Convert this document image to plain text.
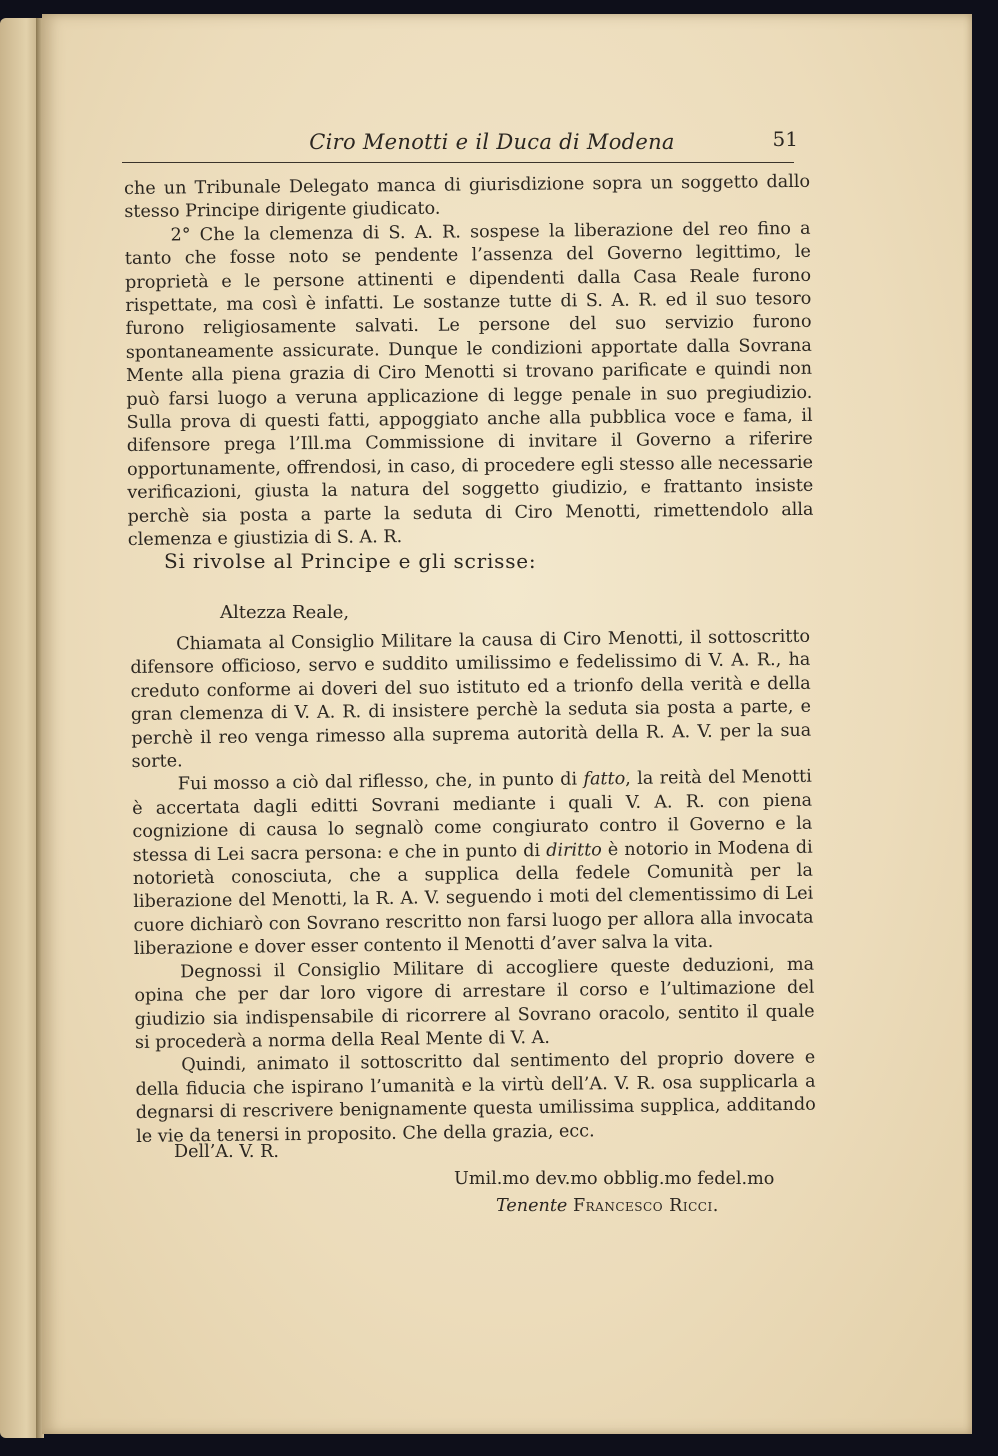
Ciro Menotti e il Duca di Modena	51

che un Tribunale Delegato manca di giurisdizione sopra un soggetto dallo stesso Principe dirigente giudicato.

2° Che la clemenza di S. A. R. sospese la liberazione del reo fino a tanto che fosse noto se pendente l’assenza del Governo legittimo, le proprietà e le persone attinenti e dipendenti dalla Casa Reale furono rispettate, ma così è infatti. Le sostanze tutte di S. A. R. ed il suo tesoro furono religiosamente salvati. Le persone del suo servizio furono spontaneamente assicurate. Dunque le condizioni apportate dalla Sovrana Mente alla piena grazia di Ciro Menotti si trovano parificate e quindi non può farsi luogo a veruna applicazione di legge penale in suo pregiudizio. Sulla prova di questi fatti, appoggiato anche alla pubblica voce e fama, il difensore prega l’Ill.ma Commissione di invitare il Governo a riferire opportunamente, offrendosi, in caso, di procedere egli stesso alle necessarie verificazioni, giusta la natura del soggetto giudizio, e frattanto insiste perchè sia posta a parte la seduta di Ciro Menotti, rimettendolo alla clemenza e giustizia di S. A. R.

Si rivolse al Principe e gli scrisse:
Altezza Reale,

Chiamata al Consiglio Militare la causa di Ciro Menotti, il sottoscritto difensore officioso, servo e suddito umilissimo e fedelissimo di V. A. R., ha creduto conforme ai doveri del suo istituto ed a trionfo della verità e della gran clemenza di V. A. R. di insistere perchè la seduta sia posta a parte, e perchè il reo venga rimesso alla suprema autorità della R. A. V. per la sua sorte.

Fui mosso a ciò dal riflesso, che, in punto di fatto, la reità del Menotti è accertata dagli editti Sovrani mediante i quali V. A. R. con piena cognizione di causa lo segnalò come congiurato contro il Governo e la stessa di Lei sacra persona: e che in punto di diritto è notorio in Modena di notorietà conosciuta, che a supplica della fedele Comunità per la liberazione del Menotti, la R. A. V. seguendo i moti del clementissimo di Lei cuore dichiarò con Sovrano rescritto non farsi luogo per allora alla invocata liberazione e dover esser contento il Menotti d’aver salva la vita.

Degnossi il Consiglio Militare di accogliere queste deduzioni, ma opina che per dar loro vigore di arrestare il corso e l’ultimazione del giudizio sia indispensabile di ricorrere al Sovrano oracolo, sentito il quale si procederà a norma della Real Mente di V. A.

Quindi, animato il sottoscritto dal sentimento del proprio dovere e della fiducia che ispirano l’umanità e la virtù dell’A. V. R. osa supplicarla a degnarsi di rescrivere benignamente questa umilissima supplica, additando le vie da tenersi in proposito. Che della grazia, ecc.

Dell’A. V. R.
Umil.mo dev.mo obblig.mo fedel.mo
Tenente Francesco Ricci.
